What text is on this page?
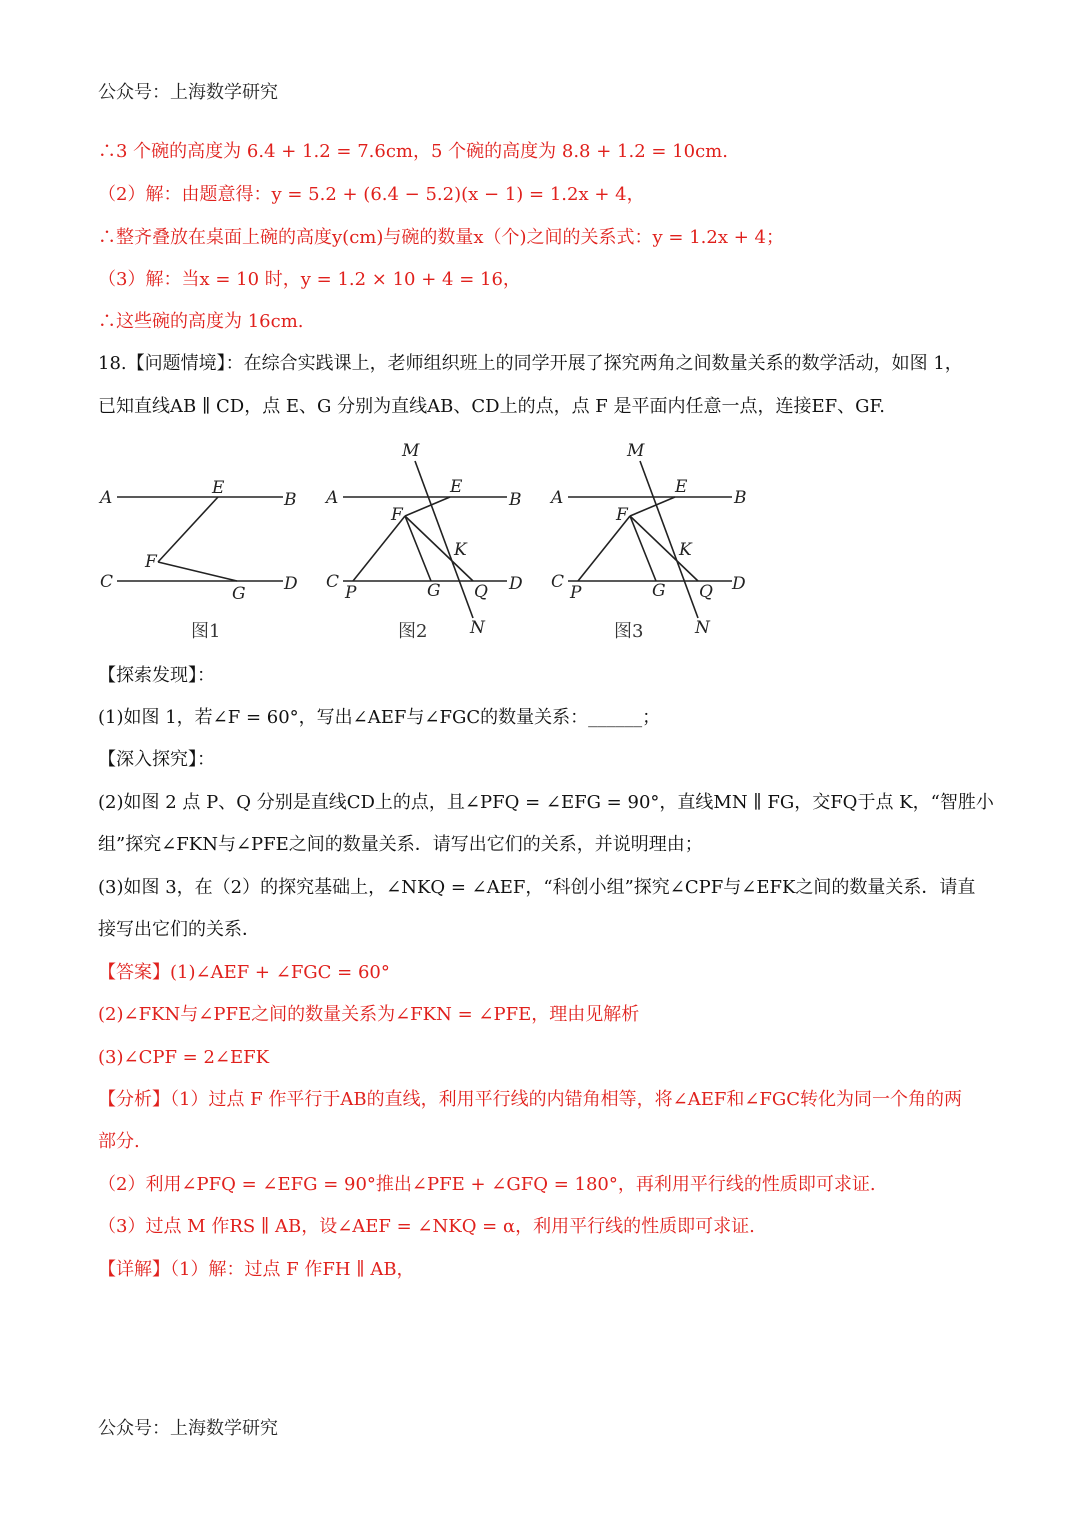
公众号：上海数学研究
∴3 个碗的高度为 6.4 + 1.2 = 7.6cm，5 个碗的高度为 8.8 + 1.2 = 10cm.
（2）解：由题意得：y = 5.2 + (6.4 − 5.2)(x − 1) = 1.2x + 4，
∴整齐叠放在桌面上碗的高度y(cm)与碗的数量x（个)之间的关系式：y = 1.2x + 4；
（3）解：当x = 10 时，y = 1.2 × 10 + 4 = 16，
∴这些碗的高度为 16cm.
18.【问题情境】：在综合实践课上，老师组织班上的同学开展了探究两角之间数量关系的数学活动，如图 1，
已知直线AB ∥ CD，点 E、G 分别为直线AB、CD上的点，点 F 是平面内任意一点，连接EF、GF.
A	B
C	D
E
F
G
A	B
C	D
E
F
G
K
M
N
P	Q
A	B
C	D
E
F
G
K
M
N
P	Q
图1	图2	图3
【探索发现】：
(1)如图 1，若∠F = 60°，写出∠AEF与∠FGC的数量关系：______；
【深入探究】：
(2)如图 2 点 P、Q 分别是直线CD上的点，且∠PFQ = ∠EFG = 90°，直线MN ∥ FG，交FQ于点 K，“智胜小
组”探究∠FKN与∠PFE之间的数量关系．请写出它们的关系，并说明理由；
(3)如图 3，在（2）的探究基础上，∠NKQ = ∠AEF，“科创小组”探究∠CPF与∠EFK之间的数量关系．请直
接写出它们的关系．
【答案】(1)∠AEF + ∠FGC = 60°
(2)∠FKN与∠PFE之间的数量关系为∠FKN = ∠PFE，理由见解析
(3)∠CPF = 2∠EFK
【分析】（1）过点 F 作平行于AB的直线，利用平行线的内错角相等，将∠AEF和∠FGC转化为同一个角的两
部分.
（2）利用∠PFQ = ∠EFG = 90°推出∠PFE + ∠GFQ = 180°，再利用平行线的性质即可求证.
（3）过点 M 作RS ∥ AB，设∠AEF = ∠NKQ = α，利用平行线的性质即可求证.
【详解】（1）解：过点 F 作FH ∥ AB，
公众号：上海数学研究
